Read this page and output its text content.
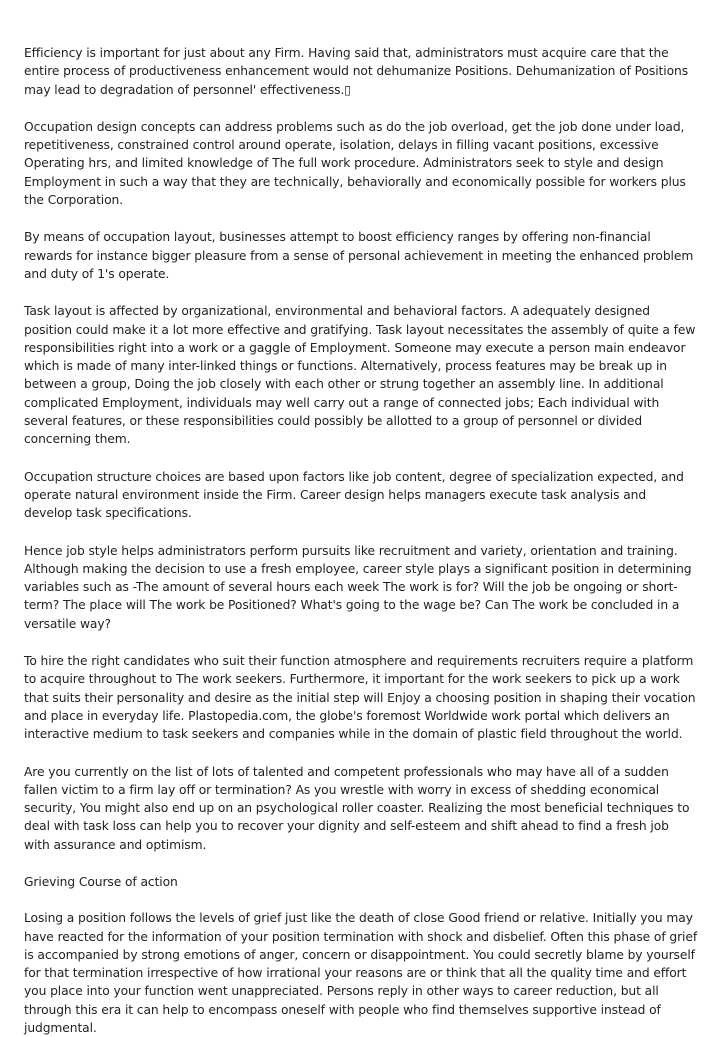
Efficiency is important for just about any Firm. Having said that, administrators must acquire care that the entire process of productiveness enhancement would not dehumanize Positions. Dehumanization of Positions may lead to degradation of personnel' effectiveness.▯

Occupation design concepts can address problems such as do the job overload, get the job done under load, repetitiveness, constrained control around operate, isolation, delays in filling vacant positions, excessive Operating hrs, and limited knowledge of The full work procedure. Administrators seek to style and design Employment in such a way that they are technically, behaviorally and economically possible for workers plus the Corporation.

By means of occupation layout, businesses attempt to boost efficiency ranges by offering non-financial rewards for instance bigger pleasure from a sense of personal achievement in meeting the enhanced problem and duty of 1's operate.

Task layout is affected by organizational, environmental and behavioral factors. A adequately designed position could make it a lot more effective and gratifying. Task layout necessitates the assembly of quite a few responsibilities right into a work or a gaggle of Employment. Someone may execute a person main endeavor which is made of many inter-linked things or functions. Alternatively, process features may be break up in between a group, Doing the job closely with each other or strung together an assembly line. In additional complicated Employment, individuals may well carry out a range of connected jobs; Each individual with several features, or these responsibilities could possibly be allotted to a group of personnel or divided concerning them.

Occupation structure choices are based upon factors like job content, degree of specialization expected, and operate natural environment inside the Firm. Career design helps managers execute task analysis and develop task specifications.

Hence job style helps administrators perform pursuits like recruitment and variety, orientation and training. Although making the decision to use a fresh employee, career style plays a significant position in determining variables such as -The amount of several hours each week The work is for? Will the job be ongoing or short-term? The place will The work be Positioned? What's going to the wage be? Can The work be concluded in a versatile way?

To hire the right candidates who suit their function atmosphere and requirements recruiters require a platform to acquire throughout to The work seekers. Furthermore, it important for the work seekers to pick up a work that suits their personality and desire as the initial step will Enjoy a choosing position in shaping their vocation and place in everyday life. Plastopedia.com, the globe's foremost Worldwide work portal which delivers an interactive medium to task seekers and companies while in the domain of plastic field throughout the world.

Are you currently on the list of lots of talented and competent professionals who may have all of a sudden fallen victim to a firm lay off or termination? As you wrestle with worry in excess of shedding economical security, You might also end up on an psychological roller coaster. Realizing the most beneficial techniques to deal with task loss can help you to recover your dignity and self-esteem and shift ahead to find a fresh job with assurance and optimism.

Grieving Course of action

Losing a position follows the levels of grief just like the death of close Good friend or relative. Initially you may have reacted for the information of your position termination with shock and disbelief. Often this phase of grief is accompanied by strong emotions of anger, concern or disappointment. You could secretly blame by yourself for that termination irrespective of how irrational your reasons are or think that all the quality time and effort you place into your function went unappreciated. Persons reply in other ways to career reduction, but all through this era it can help to encompass oneself with people who find themselves supportive instead of judgmental.
